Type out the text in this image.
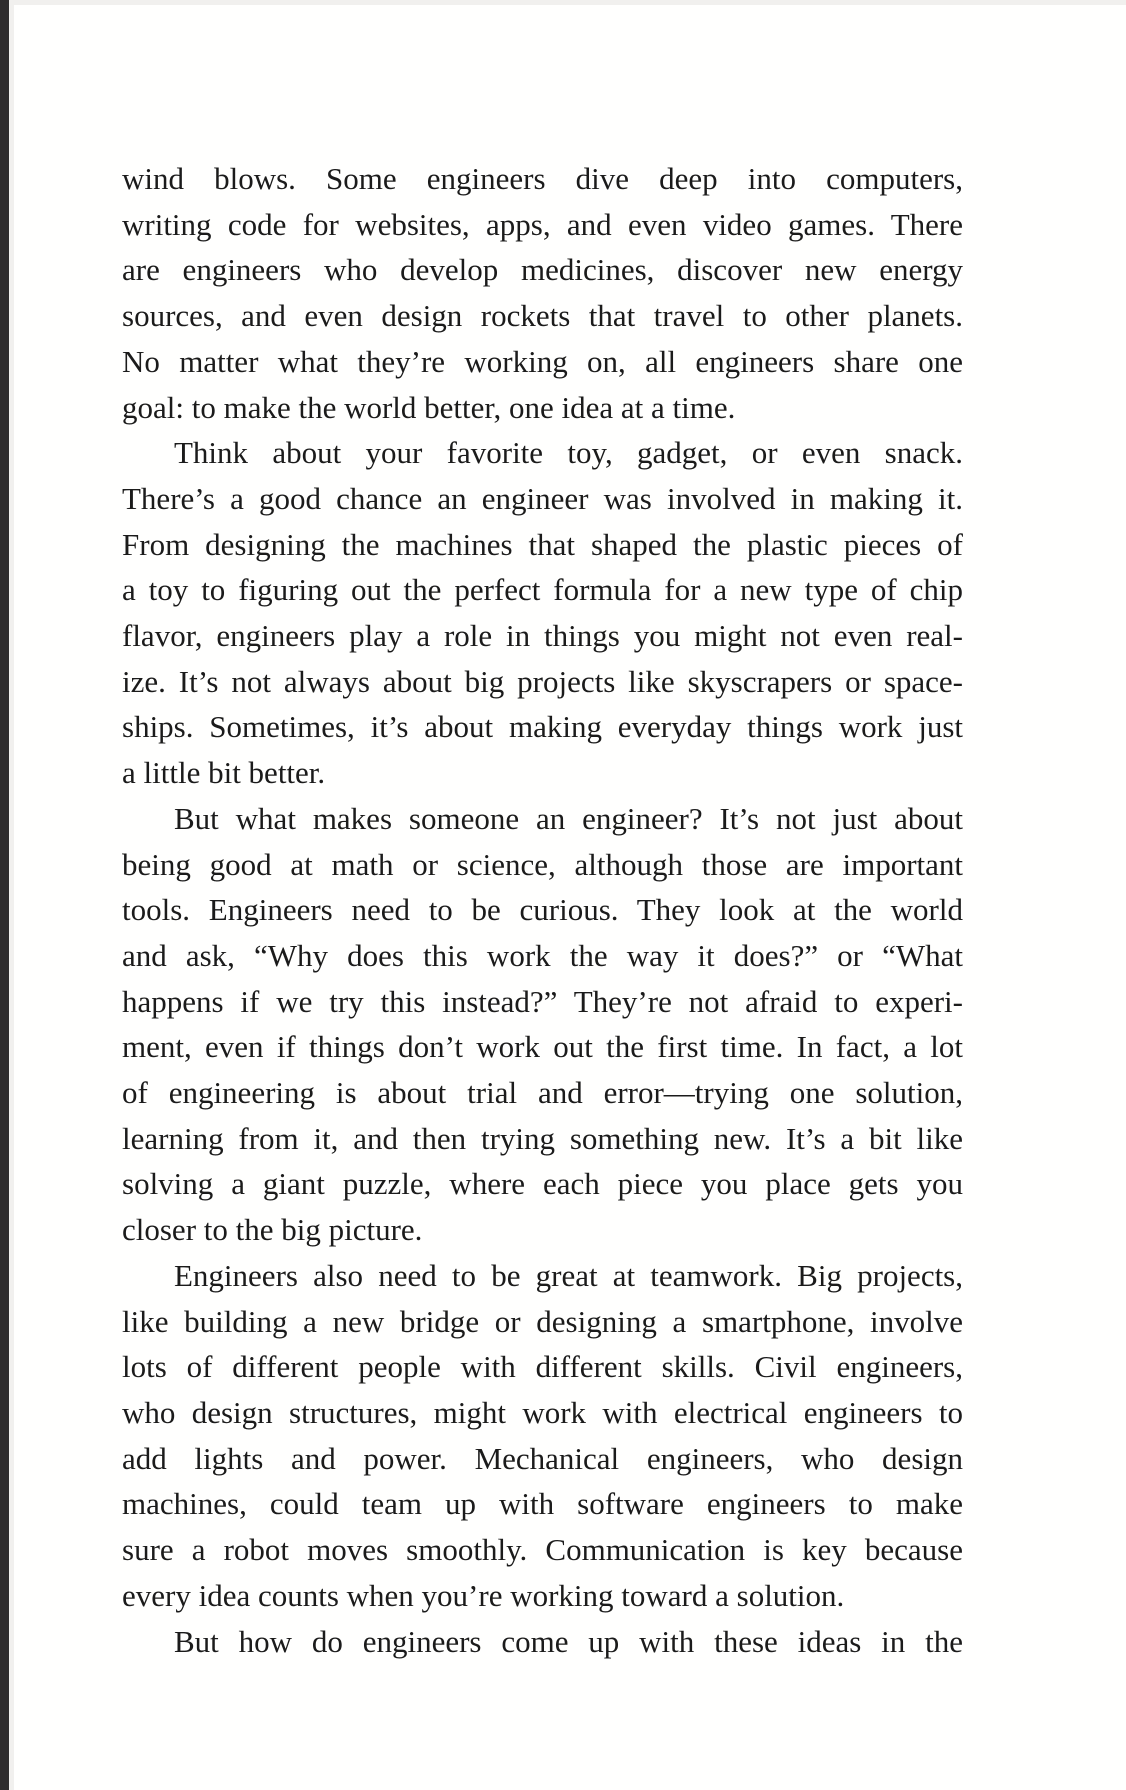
wind blows. Some engineers dive deep into computers,
writing code for websites, apps, and even video games. There
are engineers who develop medicines, discover new energy
sources, and even design rockets that travel to other planets.
No matter what they’re working on, all engineers share one
goal: to make the world better, one idea at a time.
Think about your favorite toy, gadget, or even snack.
There’s a good chance an engineer was involved in making it.
From designing the machines that shaped the plastic pieces of
a toy to figuring out the perfect formula for a new type of chip
flavor, engineers play a role in things you might not even real-
ize. It’s not always about big projects like skyscrapers or space-
ships. Sometimes, it’s about making everyday things work just
a little bit better.
But what makes someone an engineer? It’s not just about
being good at math or science, although those are important
tools. Engineers need to be curious. They look at the world
and ask, “Why does this work the way it does?” or “What
happens if we try this instead?” They’re not afraid to experi-
ment, even if things don’t work out the first time. In fact, a lot
of engineering is about trial and error—trying one solution,
learning from it, and then trying something new. It’s a bit like
solving a giant puzzle, where each piece you place gets you
closer to the big picture.
Engineers also need to be great at teamwork. Big projects,
like building a new bridge or designing a smartphone, involve
lots of different people with different skills. Civil engineers,
who design structures, might work with electrical engineers to
add lights and power. Mechanical engineers, who design
machines, could team up with software engineers to make
sure a robot moves smoothly. Communication is key because
every idea counts when you’re working toward a solution.
But how do engineers come up with these ideas in the
